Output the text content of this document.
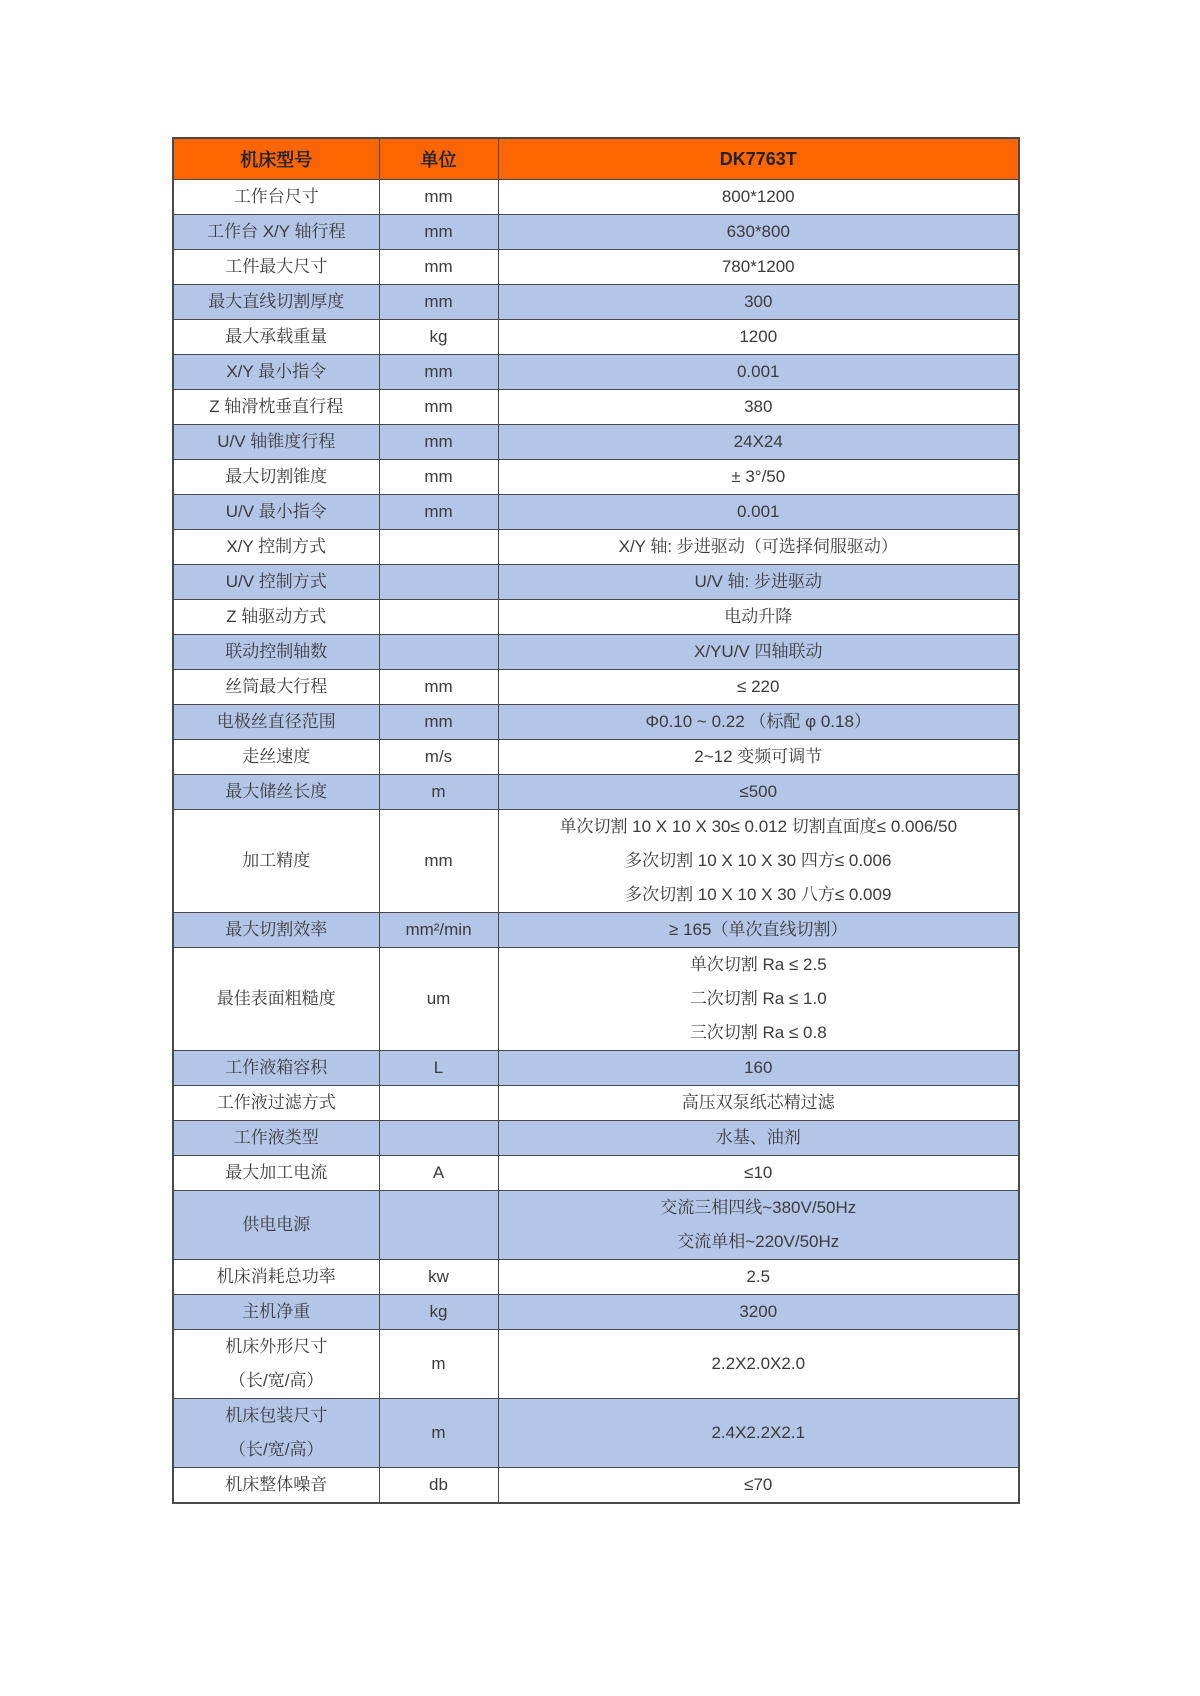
机床型号	单位	DK7763T

工作台尺寸	mm	800*1200

工作台 X/Y 轴行程	mm	630*800

工件最大尺寸	mm	780*1200

最大直线切割厚度	mm	300

最大承载重量	kg	1200

X/Y 最小指令	mm	0.001

Z 轴滑枕垂直行程	mm	380

U/V 轴锥度行程	mm	24X24

最大切割锥度	mm	± 3°/50

U/V 最小指令	mm	0.001

X/Y 控制方式		X/Y 轴: 步进驱动（可选择伺服驱动）

U/V 控制方式		U/V 轴: 步进驱动

Z 轴驱动方式		电动升降

联动控制轴数		X/YU/V 四轴联动

丝筒最大行程	mm	≤ 220

电极丝直径范围	mm	Φ0.10 ~ 0.22 （标配 φ 0.18）

走丝速度	m/s	2~12 变频可调节

最大储丝长度	m	≤500

加工精度	mm	单次切割 10 X 10 X 30≤ 0.012 切割直面度≤ 0.006/50
多次切割 10 X 10 X 30 四方≤ 0.006
多次切割 10 X 10 X 30 八方≤ 0.009

最大切割效率	mm²/min	≥ 165（单次直线切割）

最佳表面粗糙度	um	单次切割 Ra ≤ 2.5
二次切割 Ra ≤ 1.0
三次切割 Ra ≤ 0.8

工作液箱容积	L	160

工作液过滤方式		高压双泵纸芯精过滤

工作液类型		水基、油剂

最大加工电流	A	≤10

供电电源		交流三相四线~380V/50Hz
交流单相~220V/50Hz

机床消耗总功率	kw	2.5

主机净重	kg	3200

机床外形尺寸
（长/宽/高）	m	2.2X2.0X2.0

机床包装尺寸
（长/宽/高）	m	2.4X2.2X2.1

机床整体噪音	db	≤70
